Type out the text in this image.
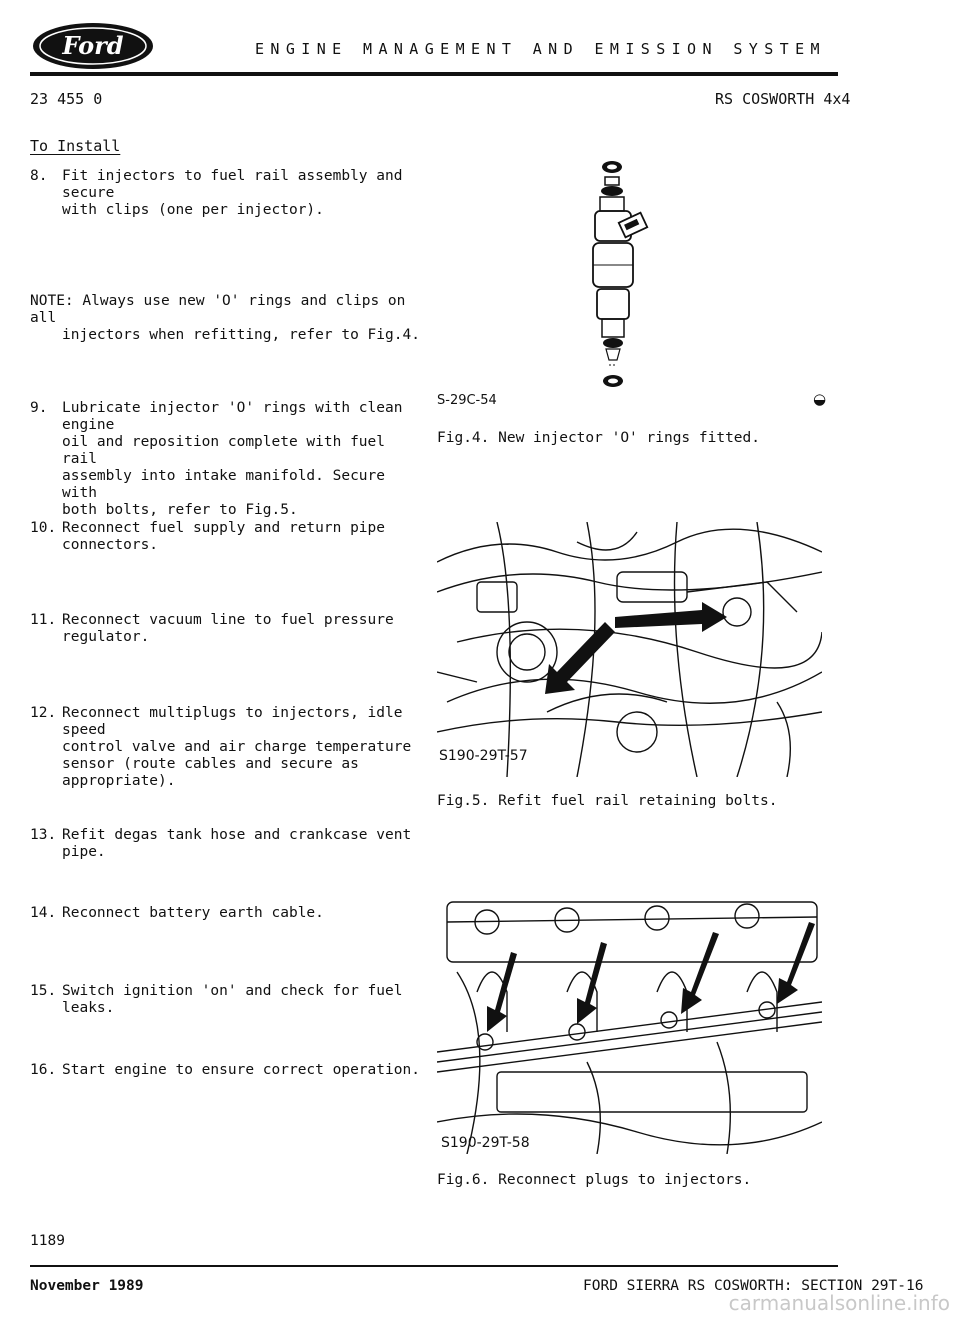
Ford	ENGINE MANAGEMENT AND EMISSION SYSTEM
23 455 0	RS COSWORTH 4x4
To Install
8. Fit injectors to fuel rail assembly and secure
with clips (one per injector).
NOTE: Always use new 'O' rings and clips on all
injectors when refitting, refer to Fig.4.
9. Lubricate injector 'O' rings with clean engine
oil and reposition complete with fuel rail
assembly into intake manifold. Secure with
both bolts, refer to Fig.5.
10. Reconnect fuel supply and return pipe
connectors.
11. Reconnect vacuum line to fuel pressure
regulator.
12. Reconnect multiplugs to injectors, idle speed
control valve and air charge temperature
sensor (route cables and secure as
appropriate).
13. Refit degas tank hose and crankcase vent pipe.
14. Reconnect battery earth cable.
15. Switch ignition 'on' and check for fuel leaks.
16. Start engine to ensure correct operation.
S-29C-54	◒
Fig.4. New injector 'O' rings fitted.
S190-29T-57
Fig.5. Refit fuel rail retaining bolts.
S190-29T-58
Fig.6. Reconnect plugs to injectors.
1189
November 1989	FORD SIERRA RS COSWORTH: SECTION 29T-16
carmanualsonline.info
